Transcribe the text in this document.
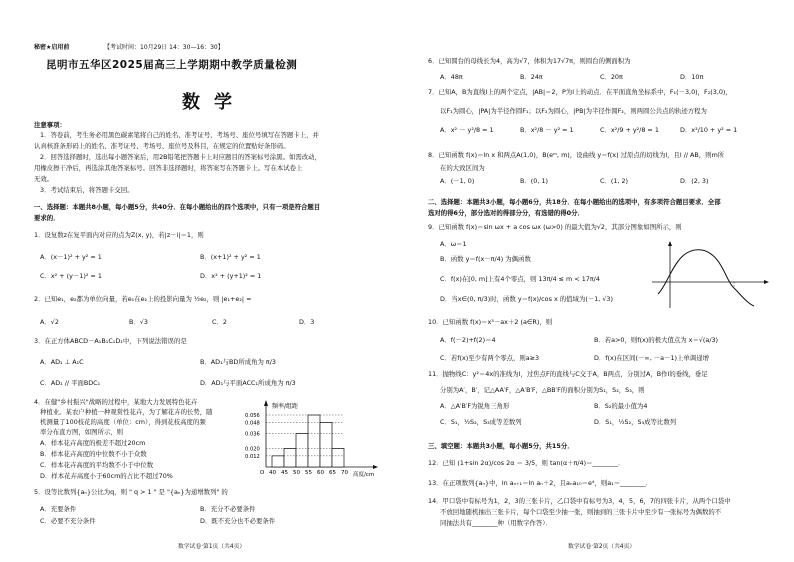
秘密★启用前	【考试时间：10月29日 14：30—16：30】
昆明市五华区2025届高三上学期期中教学质量检测
数学
注意事项：
1．答卷前，考生务必用黑色碳素笔将自己的姓名、准考证号、考场号、座位号填写在答题卡上，并
认真核准条形码上的姓名、准考证号、考场号、座位号及科目，在规定的位置贴好条形码。
2．回答选择题时，选出每小题答案后，用2B铅笔把答题卡上对应题目的答案标号涂黑。如需改动，
用橡皮擦干净后，再选涂其他答案标号。回答非选择题时，将答案写在答题卡上。写在本试卷上
无效。
3．考试结束后，将答题卡交回。
一、选择题：本题共8小题，每小题5分，共40分．在每小题给出的四个选项中，只有一项是符合题目
要求的．
1．设复数z在复平面内对应的点为Z(x, y)，若|z－i|＝1，则
A．(x－1)² + y² = 1	B．(x+1)² + y² = 1
C．x² + (y－1)² = 1	D．x² + (y+1)² = 1
2．已知e₁，e₂都为单位向量，若e₁在e₂上的投影向量为 ½e₂，则 |e₁+e₂| =
A．√2	B．√3	C．2	D．3
3．在正方体ABCD－A₁B₁C₁D₁中，下列说法错误的是
A．AD₁ ⊥ A₁C	B．AD₁与BD所成角为 π/3
C．AD₁ // 平面BDC₁	D．AD₁与平面ACC₁所成角为 π/3
4．在健"乡村振兴"战略的过程中，某地大力发展特色花卉
种植业。某农户种植一种观赏性花卉，为了解花卉的长势，随
机测量了100枝花的高度（单位：cm），得到花枝高度的频
率分布直方图，如图所示，则
A．样本花卉高度的极差不超过20cm
B．样本花卉高度的中位数不小于众数
C．样本花卉高度的平均数不小于中位数
D．样本花卉高度小于60cm的占比不超过70%
频率/组距
高度/cm
O 40 45 50 55 60 65 70
0.056
0.048
0.036
0.020
0.012
5．设等比数列{aₙ}公比为q，则 " q > 1 " 是 "{aₙ}为递增数列" 的
A．充要条件	B．充分不必要条件
C．必要不充分条件	D．既不充分也不必要条件
数学试卷·第1页（共4页）
6．已知圆台的母线长为4，高为√7，体积为17√7π，则圆台的侧面积为
A．48π	B．24π	C．20π	D．10π
7．已知A，B为直线l上的两个定点，|AB|＝2，P为l上的动点．在平面直角坐标系中，F₁(－3,0)，F₂(3,0)，
以F₁为圆心，|PA|为半径作圆F₁；以F₂为圆心，|PB|为半径作圆F₂，则两圆公共点的轨迹方程为
A．x² － y²/8 = 1	B．x²/8 － y² = 1	C．x²/9 + y²/8 = 1	D．x²/10 + y² = 1
8．已知函数 f(x)＝ln x 和两点A(1,0)，B(eᵐ, m)，设曲线 y＝f(x) 过原点的切线为l，且l // AB，则m所
在的大致区间为
A．(－1, 0)	B．(0, 1)	C．(1, 2)	D．(2, 3)
二、选择题：本题共3小题，每小题6分，共18分．在每小题给出的选项中，有多项符合题目要求．全部
选对的得6分，部分选对的得部分分，有选错的得0分．
9．已知函数 f(x)＝sin ωx + a cos ωx (ω>0) 的最大值为√2，其部分图象如图所示，则
A．ω＝1
B．函数 y＝f(x－π/4) 为偶函数
C．f(x)在[0, m]上有4个零点，则 13π/4 ≤ m < 17π/4
D．当x∈(0, π/3)时，函数 y＝f(x)/cos x 的值域为(－1, √3)
10．已知函数 f(x)＝x³－ax＋2 (a∈R)，则
A．f(－2)+f(2)＝4	B．若a>0，则f(x)的极大值点为 x＝√(a/3)
C．若f(x)至少有两个零点，则a≥3	D．f(x)在区间(－∞, －a－1)上单调递增
11．抛物线C：y²＝4x的准线为l，过焦点F的直线与C交于A，B两点，分别过A，B作l的垂线，垂足
分别为A′，B′，记△AA′F，△A′B′F，△BB′F的面积分别为S₁，S₂，S₃，则
A．△A′B′F为锐角三角形	B．S₂的最小值为4
C．S₁，½S₂，S₃成等差数列	D．S₁，½S₂，S₃成等比数列
三、填空题：本题共3小题，每小题5分，共15分．
12．已知 (1+sin 2α)/cos 2α ＝ 3/5，则 tan(α＋π/4)＝________．
13．在正项数列{aₙ}中，ln aₙ₊₁＝ln aₙ＋2，且aₙa₁₀＝e⁴，则a₁＝________．
14．甲口袋中有标号为1，2，3的三张卡片，乙口袋中有标号为3，4，5，6，7的四张卡片，从两个口袋中
不放回地随机抽出三张卡片，每个口袋至少抽一张，则抽到的三张卡片中至少有一张标号为偶数的不
同抽法共有________种（用数字作答）．
数学试卷·第2页（共4页）
